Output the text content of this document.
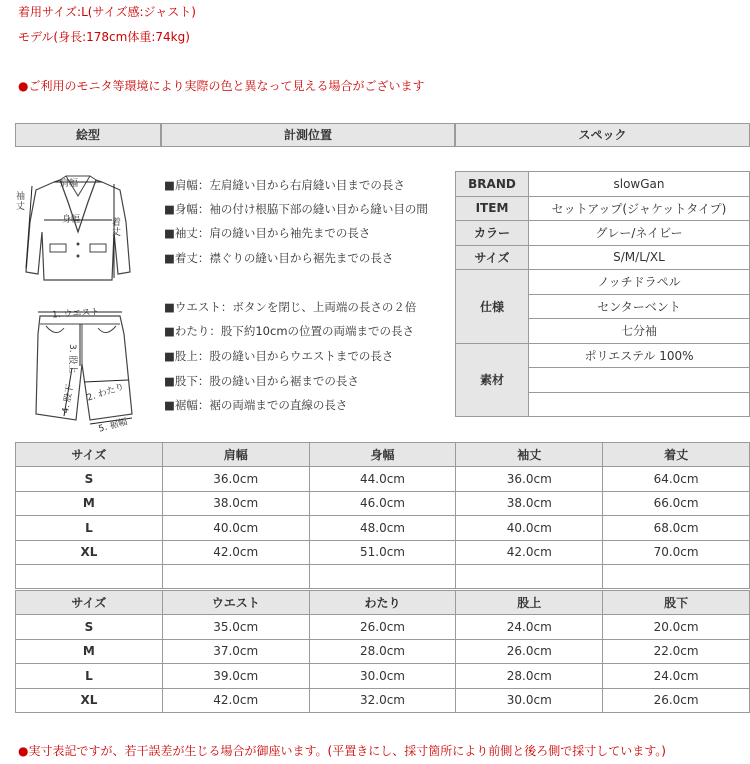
着用サイズ:L(サイズ感:ジャスト)
モデル(身長:178cm体重:74kg)
●ご利用のモニタ等環境により実際の色と異なって見える場合がございます
絵型	計測位置	スペック
肩幅
身幅
袖丈
着丈
1. ウエスト
3. 股上
2. わたり
4. 股下
5. 裾幅
■肩幅：左肩縫い目から右肩縫い目までの長さ
■身幅：袖の付け根脇下部の縫い目から縫い目の間
■袖丈：肩の縫い目から袖先までの長さ
■着丈：襟ぐりの縫い目から裾先までの長さ
■ウエスト：ボタンを閉じ、上両端の長さの２倍
■わたり：股下約10cmの位置の両端までの長さ
■股上：股の縫い目からウエストまでの長さ
■股下：股の縫い目から裾までの長さ
■裾幅：裾の両端までの直線の長さ
BRAND	slowGan
ITEM	セットアップ(ジャケットタイプ)
カラー	グレー/ネイビー
サイズ	S/M/L/XL
仕様	ノッチドラペル
	センターベント
	七分袖
素材	ポリエステル 100%

サイズ	肩幅	身幅	袖丈	着丈
S	36.0cm	44.0cm	36.0cm	64.0cm
M	38.0cm	46.0cm	38.0cm	66.0cm
L	40.0cm	48.0cm	40.0cm	68.0cm
XL	42.0cm	51.0cm	42.0cm	70.0cm

サイズ	ウエスト	わたり	股上	股下
S	35.0cm	26.0cm	24.0cm	20.0cm
M	37.0cm	28.0cm	26.0cm	22.0cm
L	39.0cm	30.0cm	28.0cm	24.0cm
XL	42.0cm	32.0cm	30.0cm	26.0cm
●実寸表記ですが、若干誤差が生じる場合が御座います。(平置きにし、採寸箇所により前側と後ろ側で採寸しています。)
